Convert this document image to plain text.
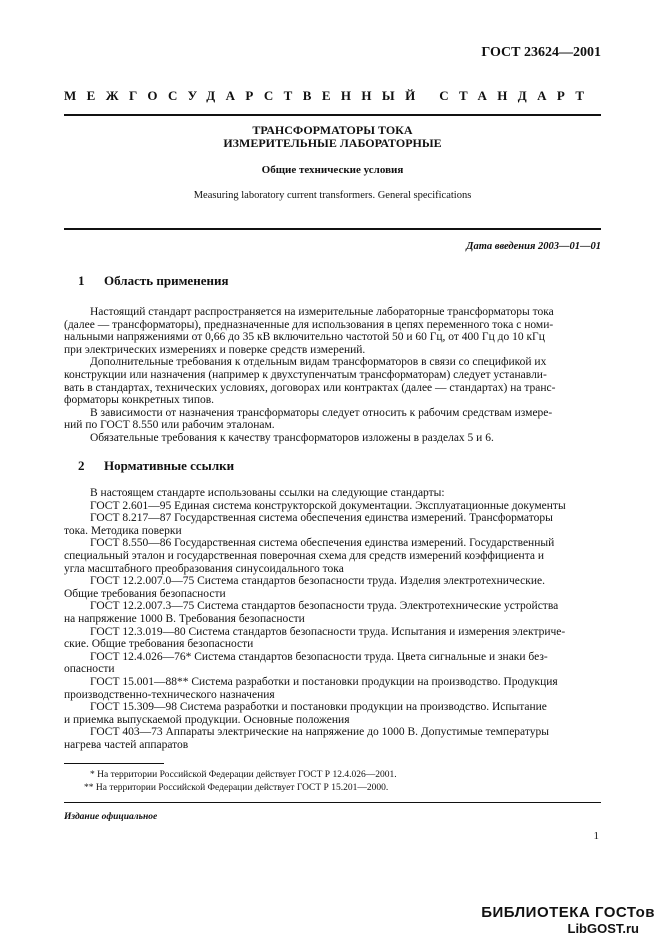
ГОСТ 23624—2001
МЕЖГОСУДАРСТВЕННЫЙ СТАНДАРТ
ТРАНСФОРМАТОРЫ ТОКА
ИЗМЕРИТЕЛЬНЫЕ ЛАБОРАТОРНЫЕ
Общие технические условия
Measuring laboratory current transformers. General specifications
Дата введения 2003—01—01
1 Область применения
Настоящий стандарт распространяется на измерительные лабораторные трансформаторы тока
(далее — трансформаторы), предназначенные для использования в цепях переменного тока с номи-
нальными напряжениями от 0,66 до 35 кВ включительно частотой 50 и 60 Гц, от 400 Гц до 10 кГц
при электрических измерениях и поверке средств измерений.
Дополнительные требования к отдельным видам трансформаторов в связи со спецификой их
конструкции или назначения (например к двухступенчатым трансформаторам) следует устанавли-
вать в стандартах, технических условиях, договорах или контрактах (далее — стандартах) на транс-
форматоры конкретных типов.
В зависимости от назначения трансформаторы следует относить к рабочим средствам измере-
ний по ГОСТ 8.550 или рабочим эталонам.
Обязательные требования к качеству трансформаторов изложены в разделах 5 и 6.
2 Нормативные ссылки
В настоящем стандарте использованы ссылки на следующие стандарты:
ГОСТ 2.601—95 Единая система конструкторской документации. Эксплуатационные документы
ГОСТ 8.217—87 Государственная система обеспечения единства измерений. Трансформаторы
тока. Методика поверки
ГОСТ 8.550—86 Государственная система обеспечения единства измерений. Государственный
специальный эталон и государственная поверочная схема для средств измерений коэффициента и
угла масштабного преобразования синусоидального тока
ГОСТ 12.2.007.0—75 Система стандартов безопасности труда. Изделия электротехнические.
Общие требования безопасности
ГОСТ 12.2.007.3—75 Система стандартов безопасности труда. Электротехнические устройства
на напряжение 1000 В. Требования безопасности
ГОСТ 12.3.019—80 Система стандартов безопасности труда. Испытания и измерения электриче-
ские. Общие требования безопасности
ГОСТ 12.4.026—76* Система стандартов безопасности труда. Цвета сигнальные и знаки без-
опасности
ГОСТ 15.001—88** Система разработки и постановки продукции на производство. Продукция
производственно-технического назначения
ГОСТ 15.309—98 Система разработки и постановки продукции на производство. Испытание
и приемка выпускаемой продукции. Основные положения
ГОСТ 403—73 Аппараты электрические на напряжение до 1000 В. Допустимые температуры
нагрева частей аппаратов
* На территории Российской Федерации действует ГОСТ Р 12.4.026—2001.
** На территории Российской Федерации действует ГОСТ Р 15.201—2000.
Издание официальное
1
БИБЛИОТЕКА ГОСТов
LibGOST.ru
